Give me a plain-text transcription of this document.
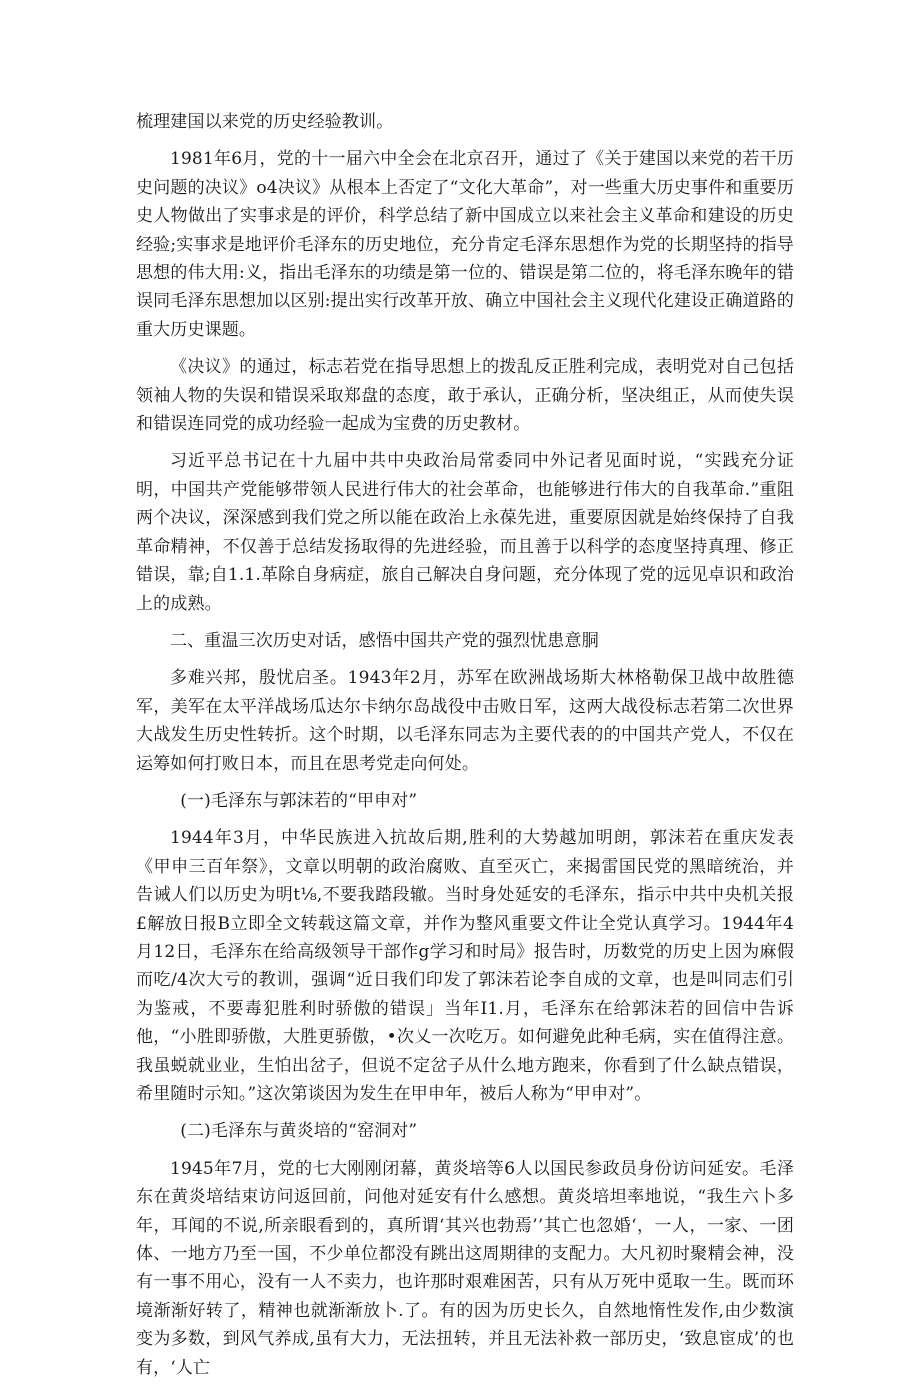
梳理建国以来党的历史经验教训。

1981年6月，党的十一届六中全会在北京召开，通过了《关于建国以来党的若干历史问题的决议》o4决议》从根本上否定了“文化大革命”，对一些重大历史事件和重要历史人物做出了实事求是的评价，科学总结了新中国成立以来社会主义革命和建设的历史经验;实事求是地评价毛泽东的历史地位，充分肯定毛泽东思想作为党的长期坚持的指导思想的伟大用:义，指出毛泽东的功绩是第一位的、错误是第二位的，将毛泽东晚年的错误同毛泽东思想加以区别:提出实行改革开放、确立中国社会主义现代化建设正确道路的重大历史课题。

《决议》的通过，标志若党在指导思想上的拨乱反正胜利完成，表明党对自己包括领袖人物的失误和错误采取郑盘的态度，敢于承认，正确分析，坚决组正，从而使失误和错误连同党的成功经验一起成为宝费的历史教材。

习近平总书记在十九届中共中央政治局常委同中外记者见面时说，“实践充分证明，中国共产党能够带领人民进行伟大的社会革命，也能够进行伟大的自我革命.”重阻两个决议，深深感到我们党之所以能在政治上永葆先进，重要原因就是始终保持了自我革命精神，不仅善于总结发扬取得的先进经验，而且善于以科学的态度坚持真理、修正错误，靠;自1.1.革除自身病症，旅自己解决自身问题，充分体现了党的远见卓识和政治上的成熟。

二、重温三次历史对话，感悟中国共产党的强烈忧患意胴

多难兴邦，殷忧启圣。1943年2月，苏军在欧洲战场斯大林格勒保卫战中故胜德军，美军在太平洋战场瓜达尔卡纳尔岛战役中击败日军，这两大战役标志若第二次世界大战发生历史性转折。这个时期，以毛泽东同志为主要代表的的中国共产党人，不仅在运筹如何打败日本，而且在思考党走向何处。

(一)毛泽东与郭沫若的“甲申对”

1944年3月，中华民族进入抗故后期,胜利的大势越加明朗，郭沫若在重庆发表《甲申三百年祭》，文章以明朝的政治腐败、直至灭亡，来揭雷国民党的黑暗统治，并告诫人们以历史为明t⅛,不要我踏段辙。当时身处延安的毛泽东，指示中共中央机关报£解放日报B立即全文转载这篇文章，并作为整风重要文件让全党认真学习。1944年4月12日，毛泽东在给高级领导干部作g学习和时局》报告时，历数党的历史上因为麻假而吃/4次大亏的教训，强调“近日我们印发了郭沫若论李自成的文章，也是叫同志们引为鉴戒，不要毒犯胜利时骄傲的错误」当年I1.月，毛泽东在给郭沫若的回信中告诉他，“小胜即骄傲，大胜更骄傲，•次乂一次吃万。如何避免此种毛病，实在值得注意。我虽蜕就业业，生怕出岔子，但说不定岔子从什么地方跑来，你看到了什么缺点错误，希里随时示知。”这次第谈因为发生在甲申年，被后人称为“甲申对”。

(二)毛泽东与黄炎培的“窑洞对”

1945年7月，党的七大刚刚闭幕，黄炎培等6人以国民参政员身份访问延安。毛泽东在黄炎培结束访问返回前，问他对延安有什么感想。黄炎培坦率地说，“我生六卜多年，耳闻的不说,所亲眼看到的，真所谓‘其兴也勃焉’’其亡也忽婚‘，一人，一家、一团体、一地方乃至一国，不少单位都没有跳出这周期律的支配力。大凡初时聚精会神，没有一事不用心，没有一人不卖力，也许那时艰难困苦，只有从万死中觅取一生。既而环境渐渐好转了，精神也就渐渐放卜.了。有的因为历史长久，自然地惰性发作,由少数演变为多数，到风气养成,虽有大力，无法扭转，并且无法补救一部历史，‘致息宦成’的也有，‘人亡
